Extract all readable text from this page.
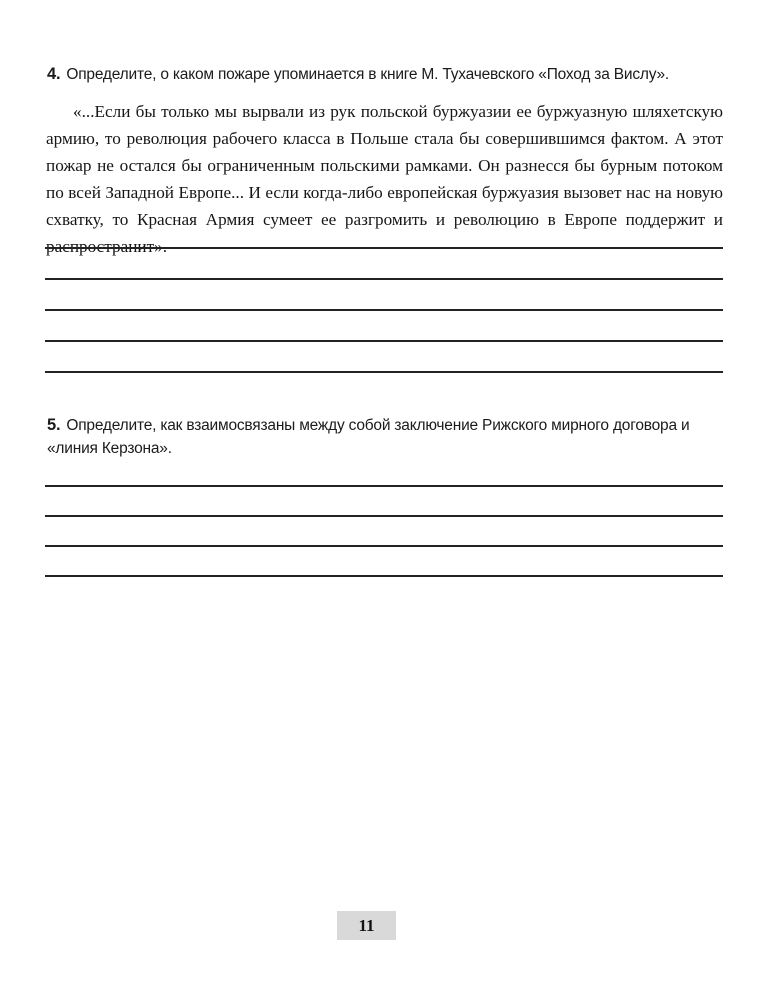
4. Определите, о каком пожаре упоминается в книге М. Тухачевского «Поход за Вислу».
«...Если бы только мы вырвали из рук польской буржуазии ее буржуазную шляхетскую армию, то революция рабочего класса в Польше стала бы совершившимся фактом. А этот пожар не остался бы ограниченным польскими рамками. Он разнесся бы бурным потоком по всей Западной Европе... И если когда-либо европейская буржуазия вызовет нас на новую схватку, то Красная Армия сумеет ее разгромить и революцию в Европе поддержит и распространит».
5. Определите, как взаимосвязаны между собой заключение Рижского мирного договора и «линия Керзона».
11
